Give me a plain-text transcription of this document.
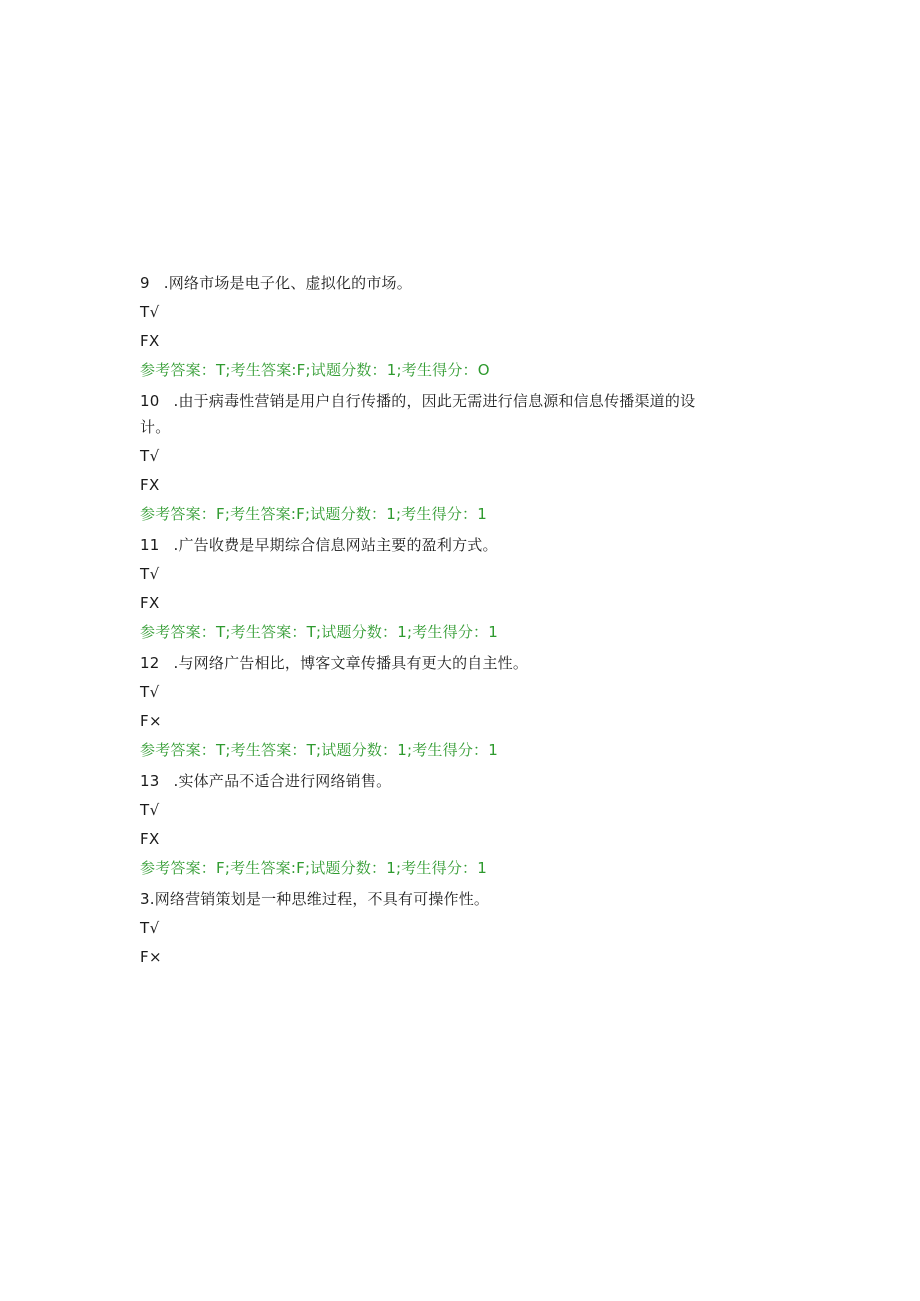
9 .网络市场是电子化、虚拟化的市场。

T√

FX

参考答案：T;考生答案:F;试题分数：1;考生得分：O

10 .由于病毒性营销是用户自行传播的，因此无需进行信息源和信息传播渠道的设计。

T√

FX

参考答案：F;考生答案:F;试题分数：1;考生得分：1

11 .广告收费是早期综合信息网站主要的盈利方式。

T√

FX

参考答案：T;考生答案：T;试题分数：1;考生得分：1

12 .与网络广告相比，博客文章传播具有更大的自主性。

T√

F×

参考答案：T;考生答案：T;试题分数：1;考生得分：1

13 .实体产品不适合进行网络销售。

T√

FX

参考答案：F;考生答案:F;试题分数：1;考生得分：1

3.网络营销策划是一种思维过程，不具有可操作性。

T√

F×
